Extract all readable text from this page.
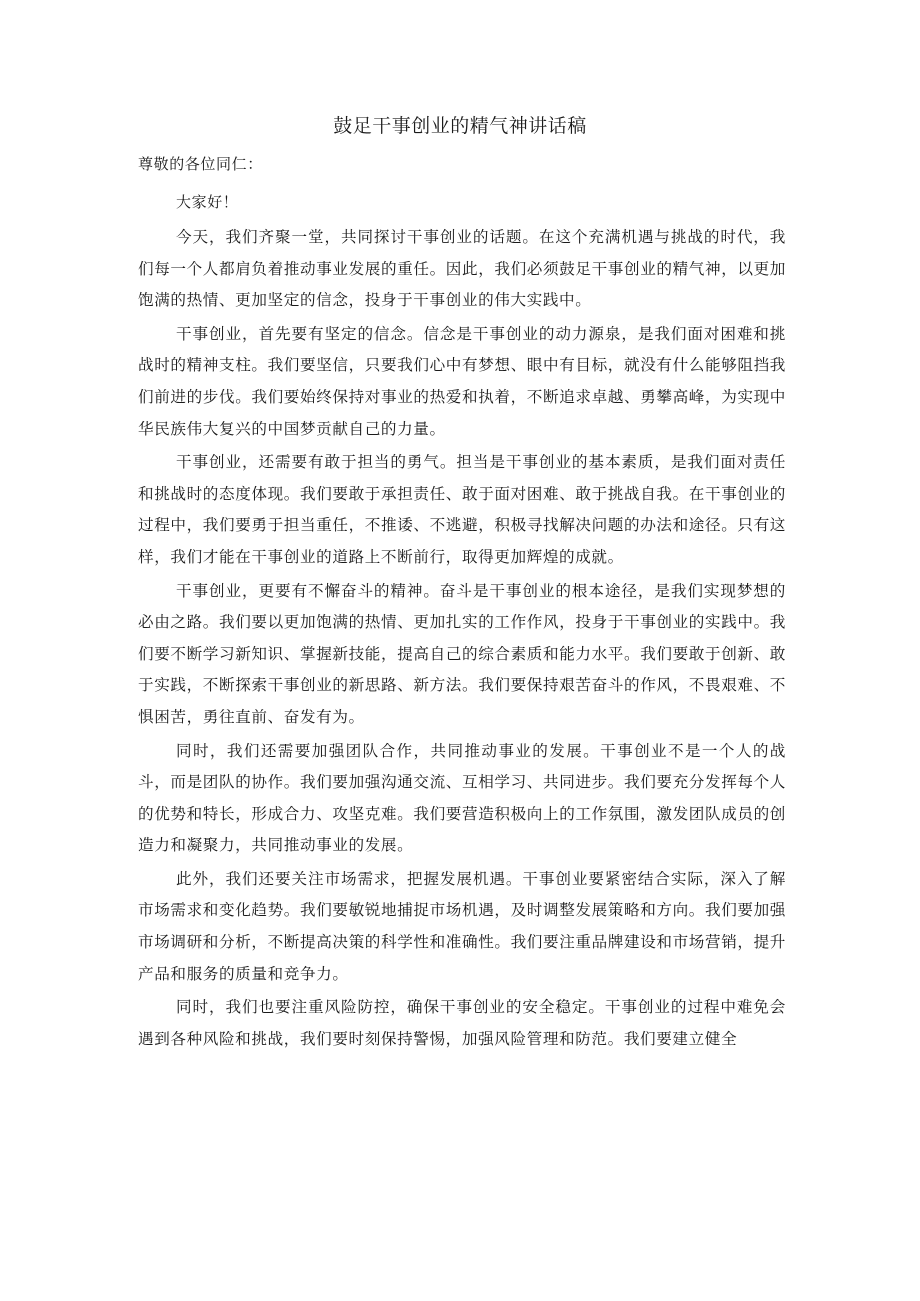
鼓足干事创业的精气神讲话稿
尊敬的各位同仁：
大家好！

今天，我们齐聚一堂，共同探讨干事创业的话题。在这个充满机遇与挑战的时代，我们每一个人都肩负着推动事业发展的重任。因此，我们必须鼓足干事创业的精气神，以更加饱满的热情、更加坚定的信念，投身于干事创业的伟大实践中。

干事创业，首先要有坚定的信念。信念是干事创业的动力源泉，是我们面对困难和挑战时的精神支柱。我们要坚信，只要我们心中有梦想、眼中有目标，就没有什么能够阻挡我们前进的步伐。我们要始终保持对事业的热爱和执着，不断追求卓越、勇攀高峰，为实现中华民族伟大复兴的中国梦贡献自己的力量。

干事创业，还需要有敢于担当的勇气。担当是干事创业的基本素质，是我们面对责任和挑战时的态度体现。我们要敢于承担责任、敢于面对困难、敢于挑战自我。在干事创业的过程中，我们要勇于担当重任，不推诿、不逃避，积极寻找解决问题的办法和途径。只有这样，我们才能在干事创业的道路上不断前行，取得更加辉煌的成就。

干事创业，更要有不懈奋斗的精神。奋斗是干事创业的根本途径，是我们实现梦想的必由之路。我们要以更加饱满的热情、更加扎实的工作作风，投身于干事创业的实践中。我们要不断学习新知识、掌握新技能，提高自己的综合素质和能力水平。我们要敢于创新、敢于实践，不断探索干事创业的新思路、新方法。我们要保持艰苦奋斗的作风，不畏艰难、不惧困苦，勇往直前、奋发有为。

同时，我们还需要加强团队合作，共同推动事业的发展。干事创业不是一个人的战斗，而是团队的协作。我们要加强沟通交流、互相学习、共同进步。我们要充分发挥每个人的优势和特长，形成合力、攻坚克难。我们要营造积极向上的工作氛围，激发团队成员的创造力和凝聚力，共同推动事业的发展。

此外，我们还要关注市场需求，把握发展机遇。干事创业要紧密结合实际，深入了解市场需求和变化趋势。我们要敏锐地捕捉市场机遇，及时调整发展策略和方向。我们要加强市场调研和分析，不断提高决策的科学性和准确性。我们要注重品牌建设和市场营销，提升产品和服务的质量和竞争力。

同时，我们也要注重风险防控，确保干事创业的安全稳定。干事创业的过程中难免会遇到各种风险和挑战，我们要时刻保持警惕，加强风险管理和防范。我们要建立健全
